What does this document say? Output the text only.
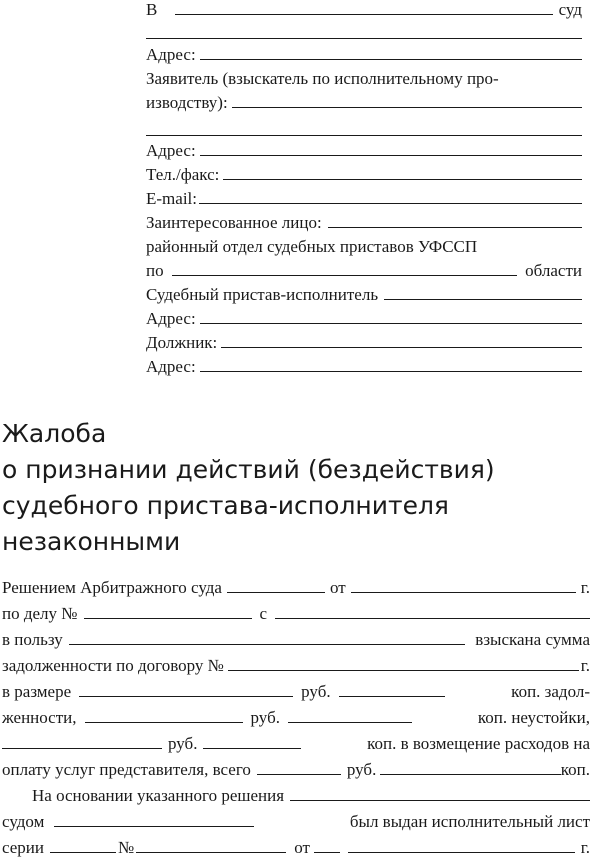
В	суд
Адрес:
Заявитель (взыскатель по исполнительному про-
изводству):
Адрес:
Тел./факс:
E-mail:
Заинтересованное лицо:
районный отдел судебных приставов УФССП
по	области
Судебный пристав-исполнитель
Адрес:
Должник:
Адрес:
Жалоба
о признании действий (бездействия)
судебного пристава-исполнителя
незаконными
Решением Арбитражного суда	от	г.
по делу №	с
в пользу	взыскана сумма
задолженности по договору №	г.
в размере	руб.	коп. задол-
женности,	руб.	коп. неустойки,
руб.	коп. в возмещение расходов на
оплату услуг представителя, всего	руб.	коп.
На основании указанного решения
судом	был выдан исполнительный лист
серии	№	от	г.
